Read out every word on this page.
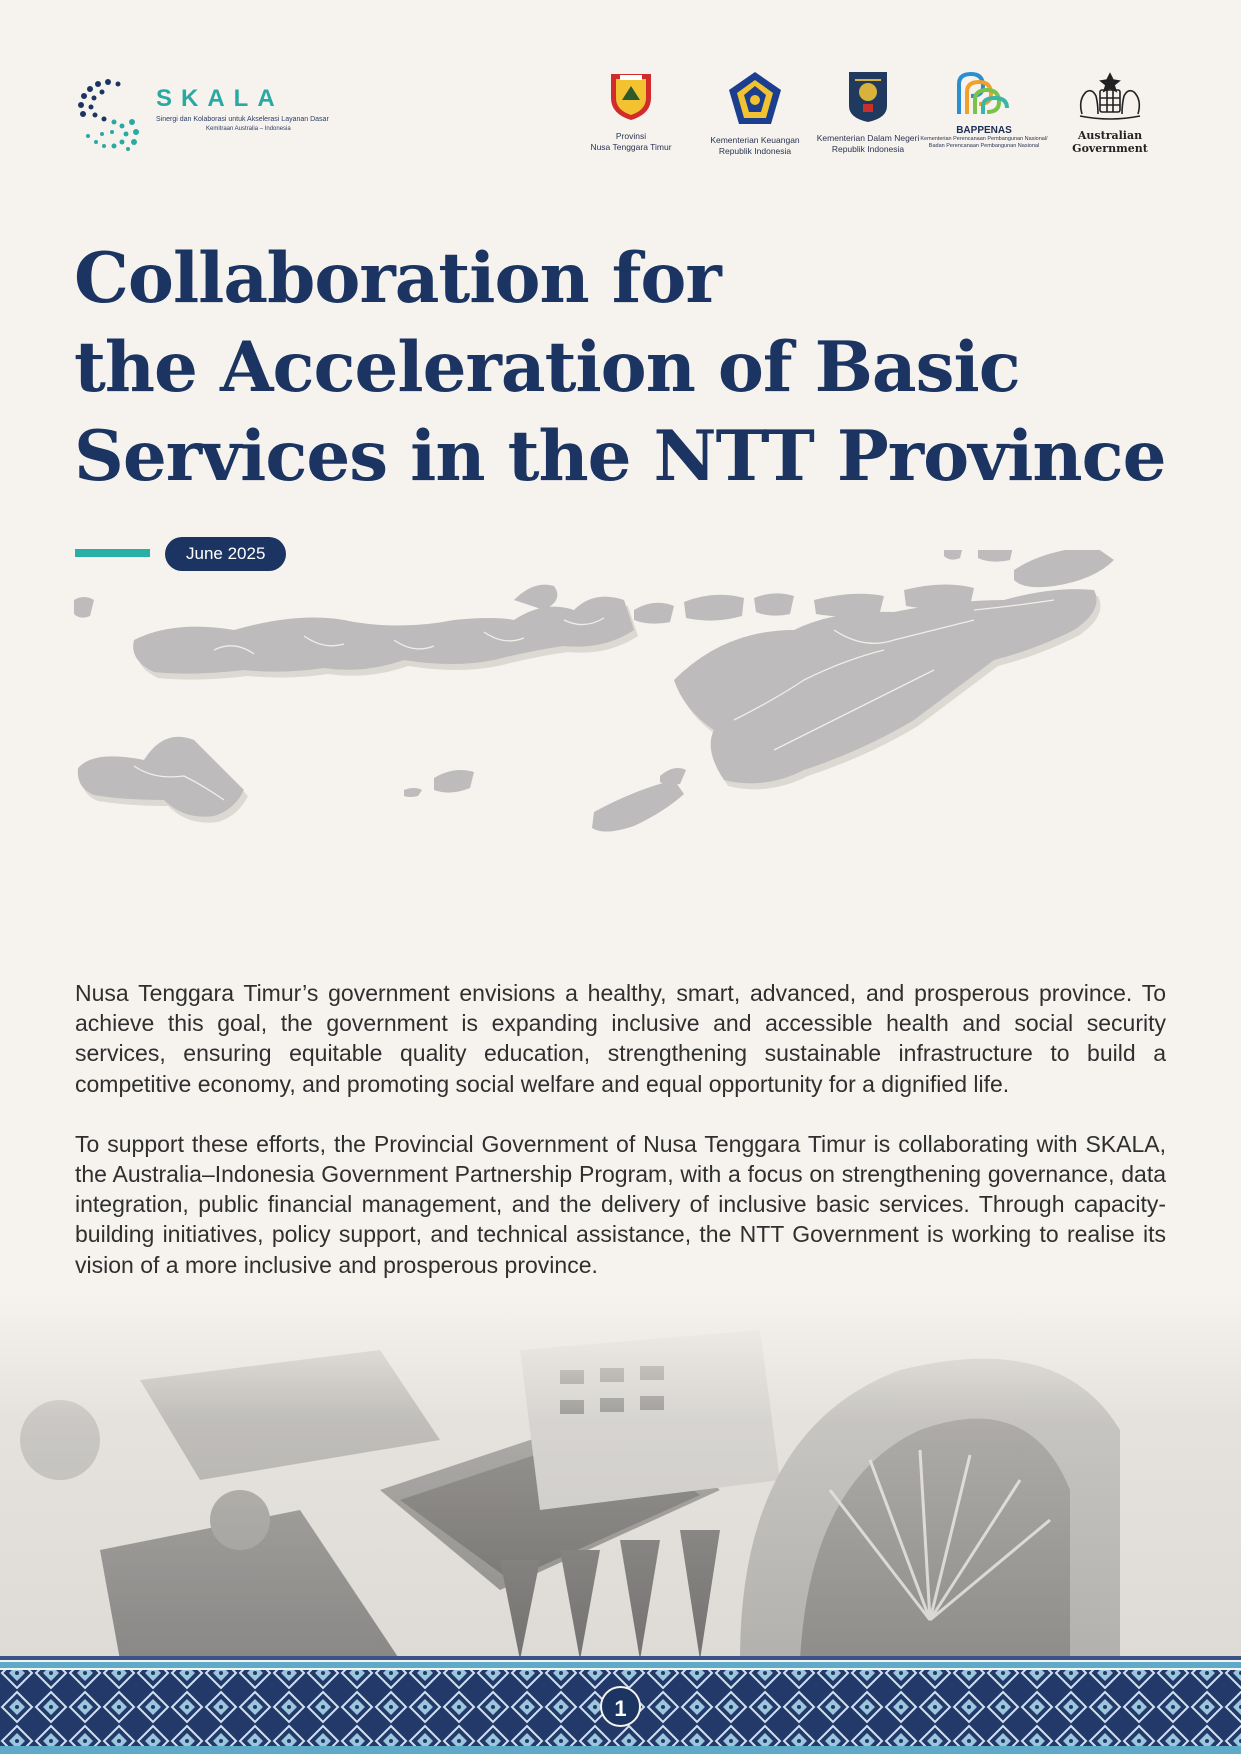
SKALA
Sinergi dan Kolaborasi untuk Akselerasi Layanan Dasar
Kemitraan Australia – Indonesia
Provinsi
Nusa Tenggara Timur
Kementerian Keuangan
Republik Indonesia
Kementerian Dalam Negeri
Republik Indonesia
BAPPENAS
Kementerian Perencanaan Pembangunan Nasional/
Badan Perencanaan Pembangunan Nasional
Australian Government
Collaboration for
the Acceleration of Basic
Services in the NTT Province
June 2025

Nusa Tenggara Timur’s government envisions a healthy, smart, advanced, and prosperous province. To achieve this goal, the government is expanding inclusive and accessible health and social security services, ensuring equitable quality education, strengthening sustainable infrastructure to build a competitive economy, and promoting social welfare and equal opportunity for a dignified life.

To support these efforts, the Provincial Government of Nusa Tenggara Timur is collaborating with SKALA, the Australia–Indonesia Government Partnership Program, with a focus on strengthening governance, data integration, public financial management, and the delivery of inclusive basic services. Through capacity-building initiatives, policy support, and technical assistance, the NTT Government is working to realise its vision of a more inclusive and prosperous province.

1
